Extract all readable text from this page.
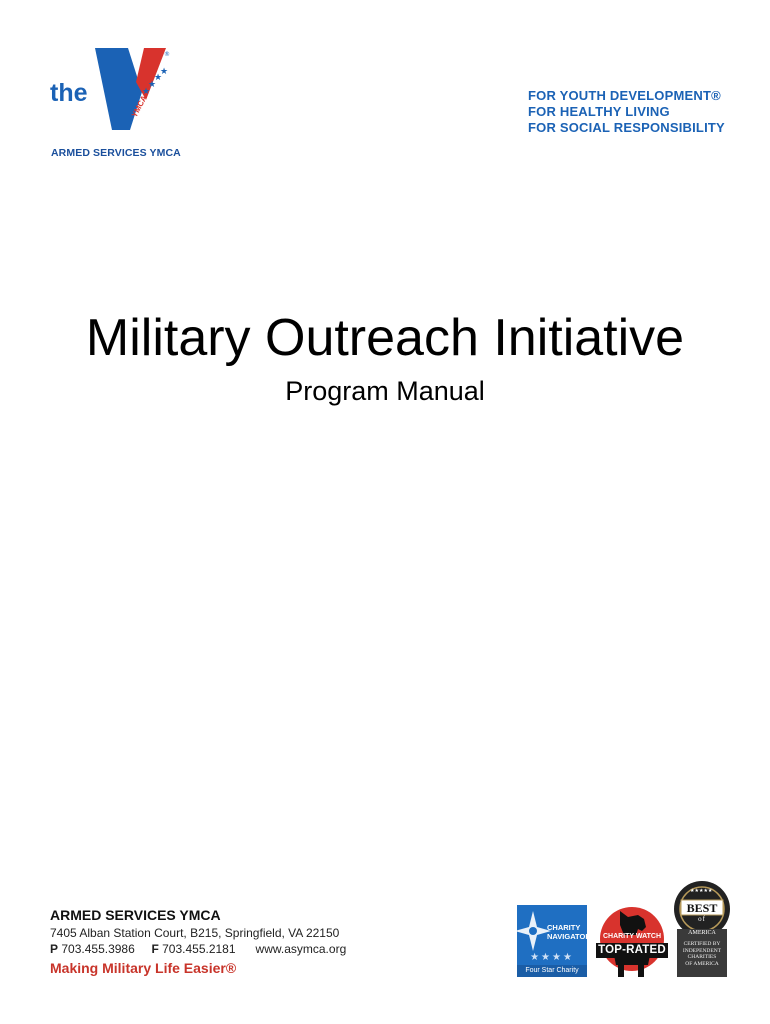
★
★
★
★
the	YMCA
®
ARMED SERVICES YMCA
FOR YOUTH DEVELOPMENT®
FOR HEALTHY LIVING
FOR SOCIAL RESPONSIBILITY
Military Outreach Initiative
Program Manual
ARMED SERVICES YMCA
7405 Alban Station Court, B215, Springfield, VA 22150
P 703.455.3986 F 703.455.2181 www.asymca.org
Making Military Life Easier®
CHARITY
NAVIGATOR
★★★★
Four Star Charity
CHARITY WATCH
TOP-RATED
★★★★★
AMERICA
BEST
of
CERTIFIED BY
INDEPENDENT
CHARITIES
OF AMERICA
